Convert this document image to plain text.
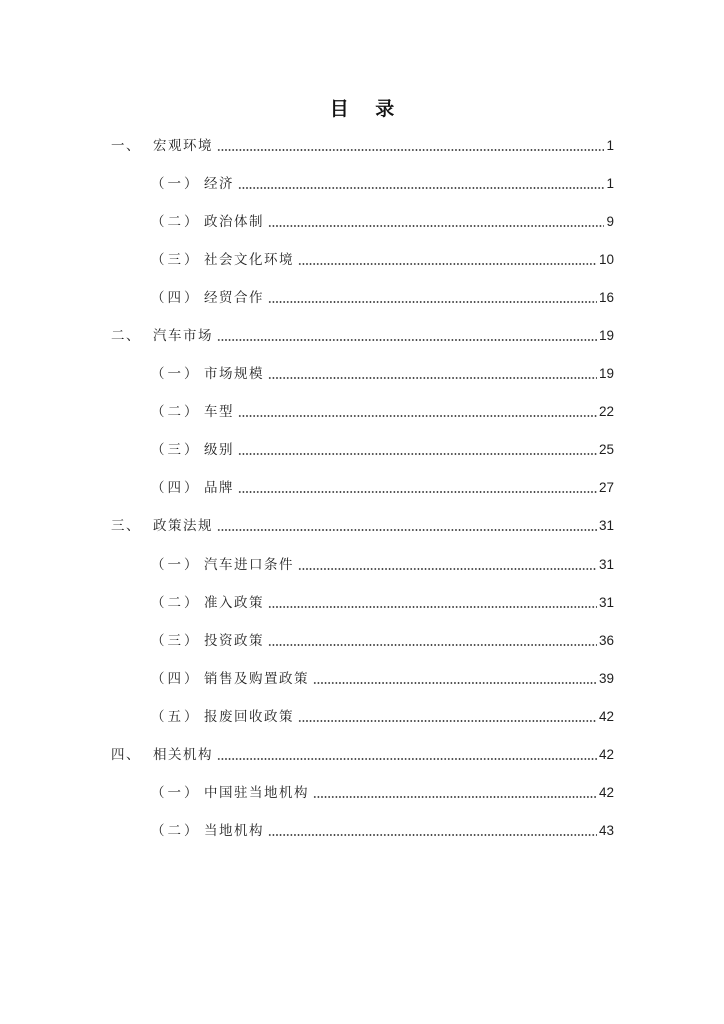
目 录
一、 宏观环境	1
（一） 经济	1
（二） 政治体制	9
（三） 社会文化环境	10
（四） 经贸合作	16
二、 汽车市场	19
（一） 市场规模	19
（二） 车型	22
（三） 级别	25
（四） 品牌	27
三、 政策法规	31
（一） 汽车进口条件	31
（二） 准入政策	31
（三） 投资政策	36
（四） 销售及购置政策	39
（五） 报废回收政策	42
四、 相关机构	42
（一） 中国驻当地机构	42
（二） 当地机构	43
